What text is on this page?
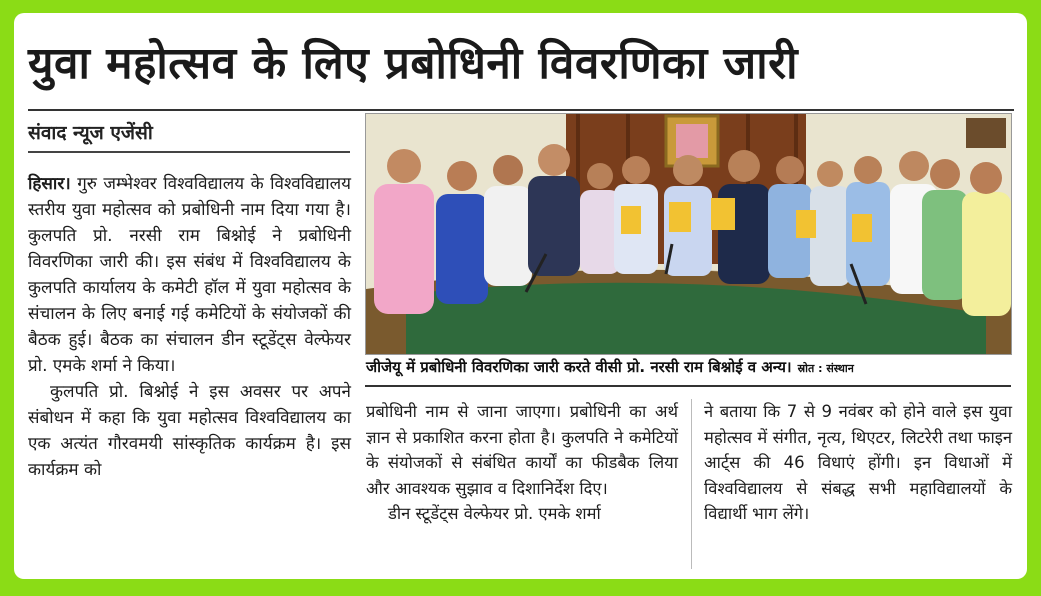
युवा महोत्सव के लिए प्रबोधिनी विवरणिका जारी
संवाद न्यूज एजेंसी

हिसार। गुरु जम्भेश्वर विश्वविद्यालय के विश्वविद्यालय स्तरीय युवा महोत्सव को प्रबोधिनी नाम दिया गया है। कुलपति प्रो. नरसी राम बिश्नोई ने प्रबोधिनी विवरणिका जारी की। इस संबंध में विश्वविद्यालय के कुलपति कार्यालय के कमेटी हॉल में युवा महोत्सव के संचालन के लिए बनाई गई कमेटियों के संयोजकों की बैठक हुई। बैठक का संचालन डीन स्टूडेंट्स वेल्फेयर प्रो. एमके शर्मा ने किया।

कुलपति प्रो. बिश्नोई ने इस अवसर पर अपने संबोधन में कहा कि युवा महोत्सव विश्वविद्यालय का एक अत्यंत गौरवमयी सांस्कृतिक कार्यक्रम है। इस कार्यक्रम को

जीजेयू में प्रबोधिनी विवरणिका जारी करते वीसी प्रो. नरसी राम बिश्नोई व अन्य। स्रोत : संस्थान

प्रबोधिनी नाम से जाना जाएगा। प्रबोधिनी का अर्थ ज्ञान से प्रकाशित करना होता है। कुलपति ने कमेटियों के संयोजकों से संबंधित कार्यों का फीडबैक लिया और आवश्यक सुझाव व दिशानिर्देश दिए।

डीन स्टूडेंट्स वेल्फेयर प्रो. एमके शर्मा

ने बताया कि 7 से 9 नवंबर को होने वाले इस युवा महोत्सव में संगीत, नृत्य, थिएटर, लिटरेरी तथा फाइन आर्ट्स की 46 विधाएं होंगी। इन विधाओं में विश्वविद्यालय से संबद्ध सभी महाविद्यालयों के विद्यार्थी भाग लेंगे।
